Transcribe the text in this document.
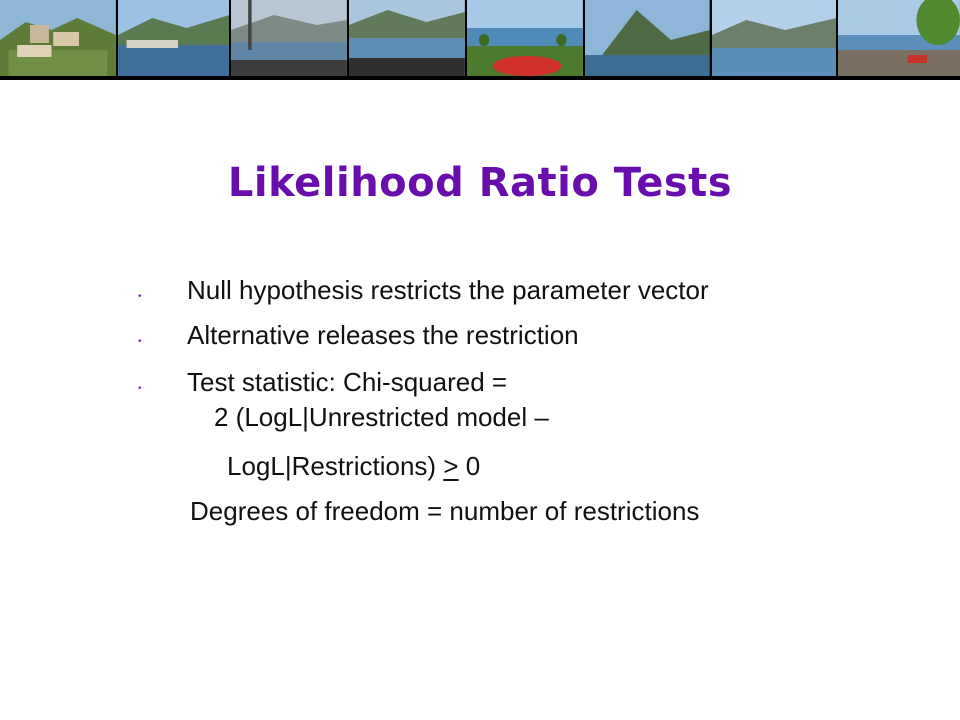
Likelihood Ratio Tests
• Null hypothesis restricts the parameter vector
• Alternative releases the restriction
• Test statistic: Chi-squared =
2 (LogL|Unrestricted model –
LogL|Restrictions) ≥ 0
Degrees of freedom = number of restrictions
